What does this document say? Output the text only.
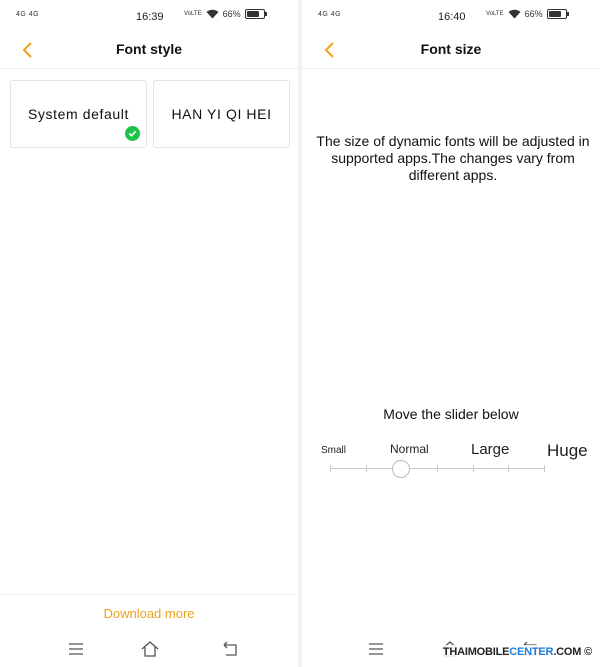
4G 4G	16:39	VoLTE 66%
Font style
System default	HAN YI QI HEI
Download more
4G 4G	16:40	VoLTE 66%
Font size
The size of dynamic fonts will be adjusted in supported apps.The changes vary from different apps.
Move the slider below
Small	Normal	Large Huge
THAIMOBILECENTER.COM ©
